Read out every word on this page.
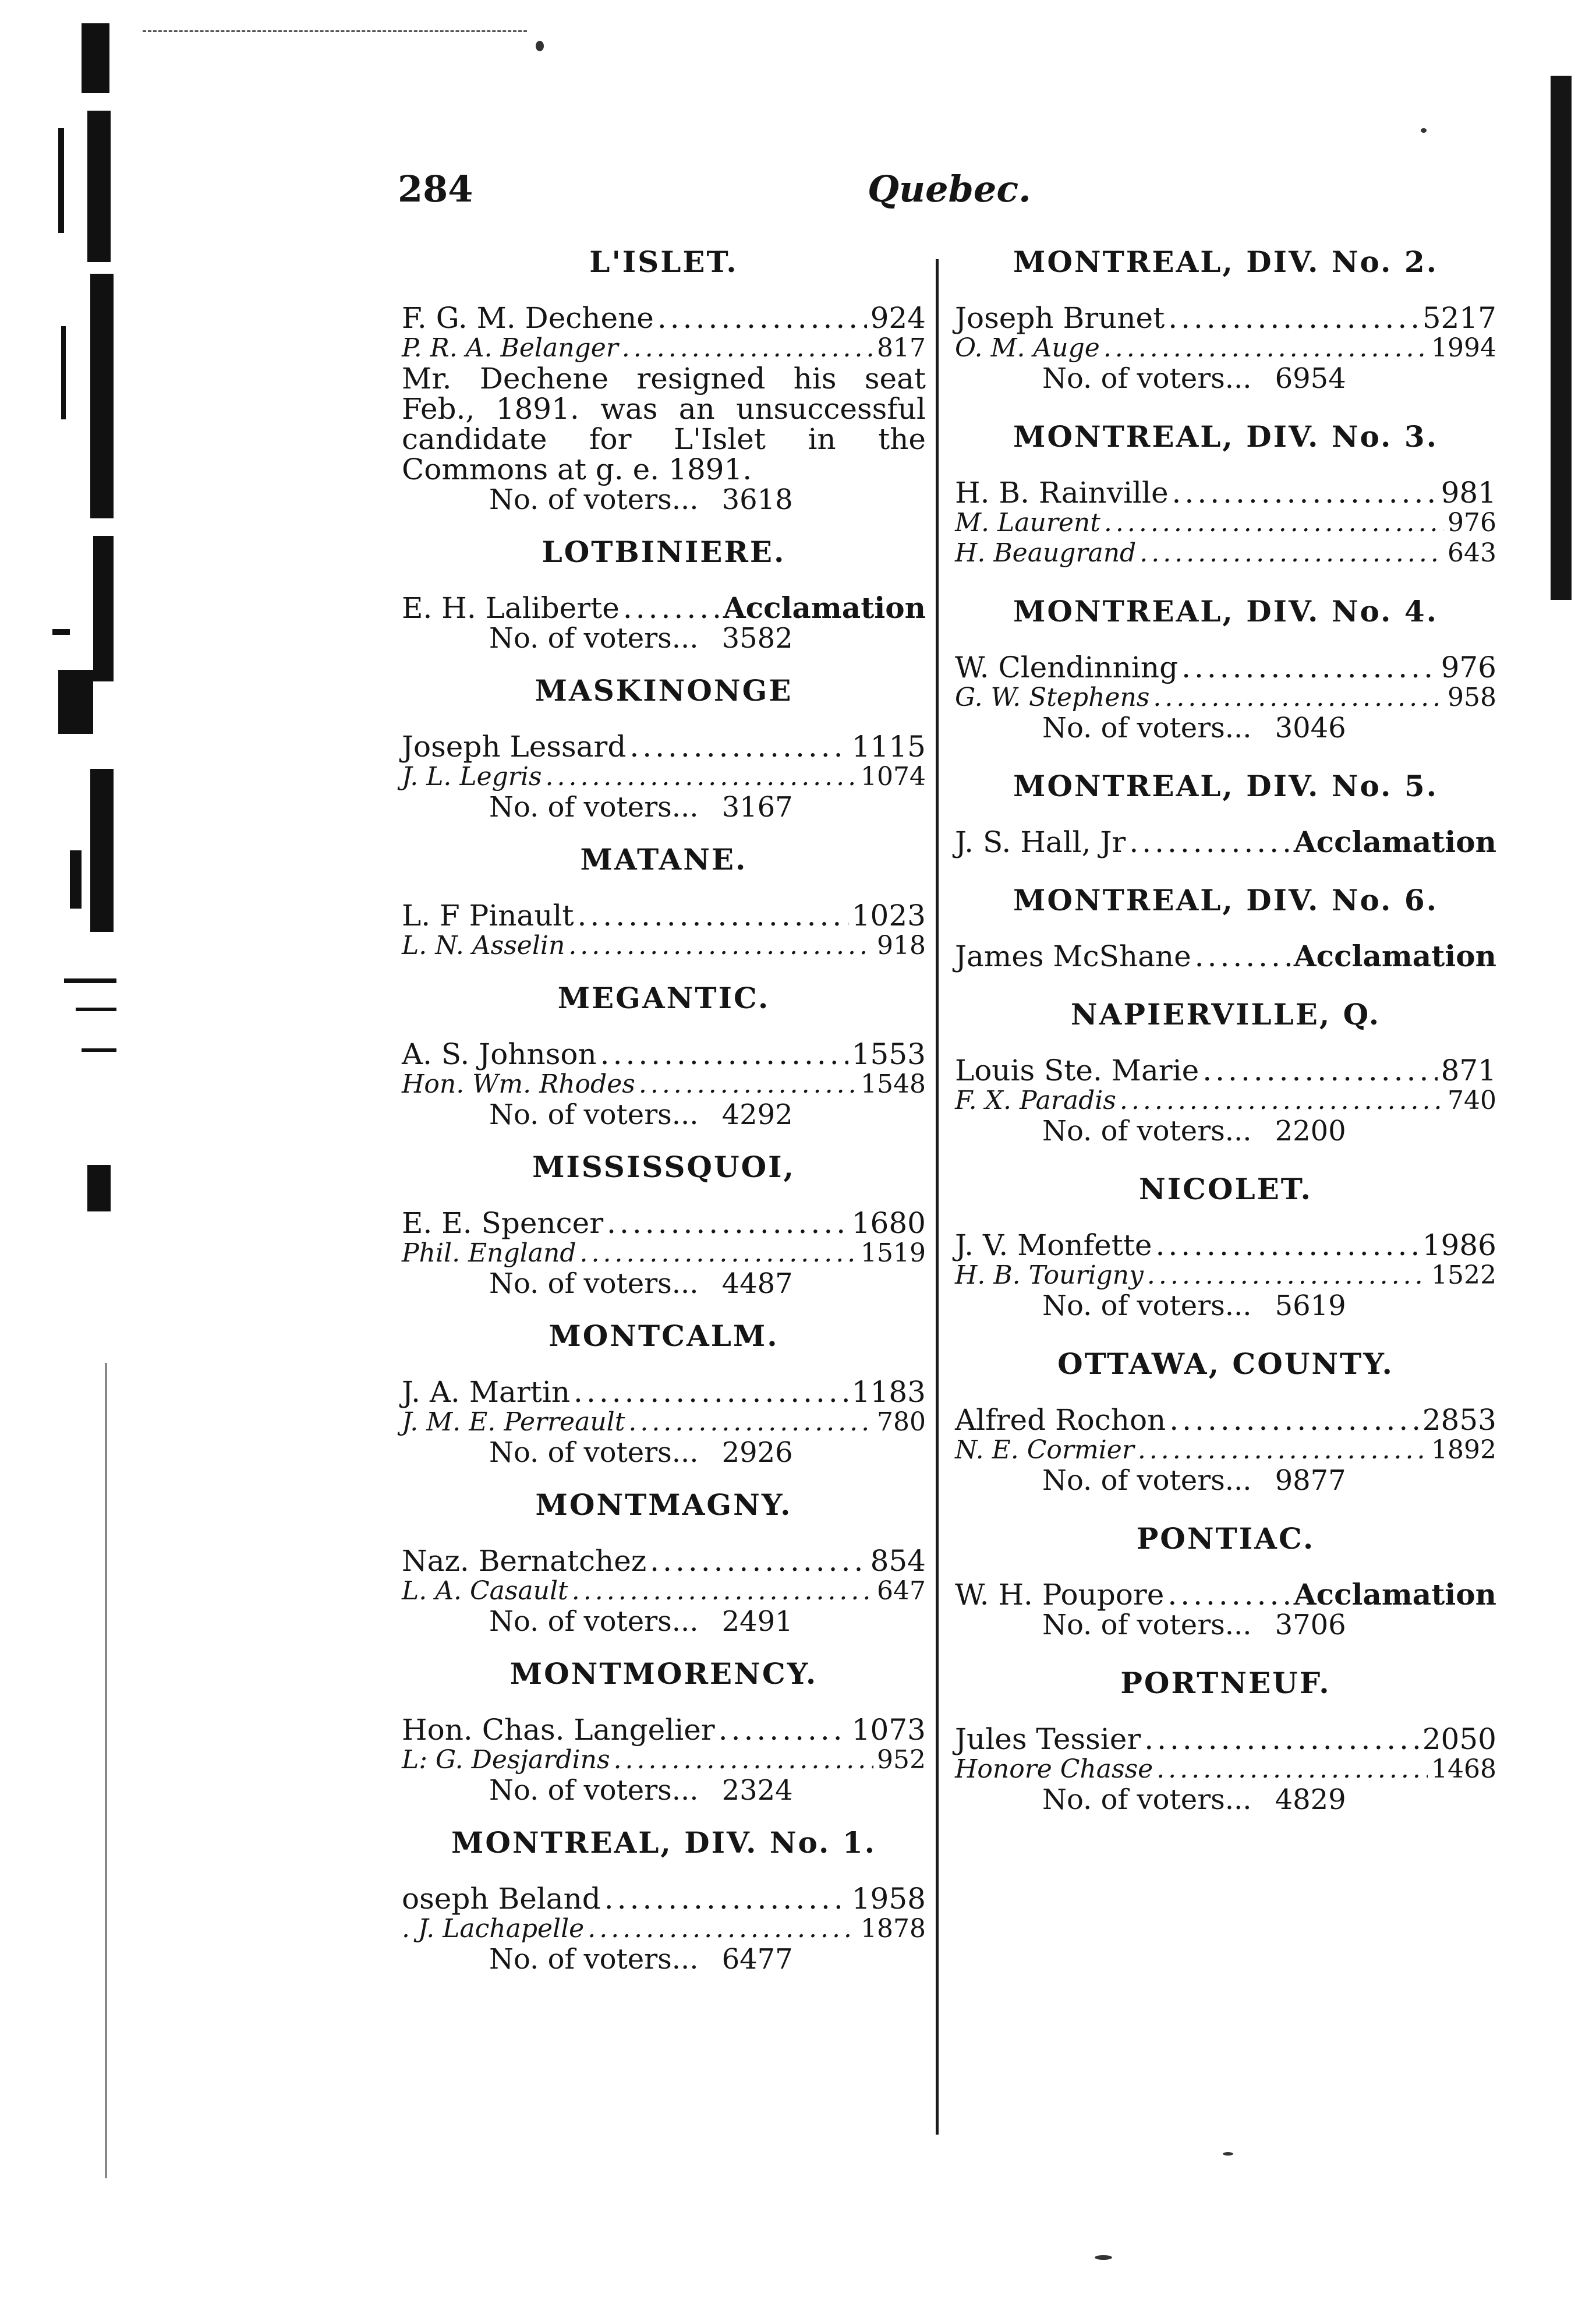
284	Quebec.
L'ISLET.
F. G. M. Dechene .....	924
P. R. A. Belanger .....	817
Mr. Dechene resigned his seat Feb., 1891. was an unsuccessful candidate for L'Islet in the Commons at g. e. 1891.
No. of voters... 3618
LOTBINIERE.
E. H. Laliberte .....	Acclamation
No. of voters... 3582
MASKINONGE
Joseph Lessard .....	1115
J. L. Legris .....	1074
No. of voters... 3167
MATANE.
L. F Pinault .....	1023
L. N. Asselin .....	918
MEGANTIC.
A. S. Johnson .....	1553
Hon. Wm. Rhodes .....	1548
No. of voters... 4292
MISSISSQUOI,
E. E. Spencer .....	1680
Phil. England .....	1519
No. of voters... 4487
MONTCALM.
J. A. Martin .....	1183
J. M. E. Perreault .....	780
No. of voters... 2926
MONTMAGNY.
Naz. Bernatchez .....	854
L. A. Casault .....	647
No. of voters... 2491
MONTMORENCY.
Hon. Chas. Langelier .....	1073
L: G. Desjardins .....	952
No. of voters... 2324
MONTREAL, DIV. No. 1.
oseph Beland .....	1958
. J. Lachapelle .....	1878
No. of voters... 6477
MONTREAL, DIV. No. 2.
Joseph Brunet .....	5217
O. M. Auge .....	1994
No. of voters... 6954
MONTREAL, DIV. No. 3.
H. B. Rainville .....	981
M. Laurent .....	976
H. Beaugrand .....	643
MONTREAL, DIV. No. 4.
W. Clendinning .....	976
G. W. Stephens .....	958
No. of voters... 3046
MONTREAL, DIV. No. 5.
J. S. Hall, Jr .....	Acclamation
MONTREAL, DIV. No. 6.
James McShane .....	Acclamation
NAPIERVILLE, Q.
Louis Ste. Marie .....	871
F. X. Paradis .....	740
No. of voters... 2200
NICOLET.
J. V. Monfette .....	1986
H. B. Tourigny .....	1522
No. of voters... 5619
OTTAWA, COUNTY.
Alfred Rochon .....	2853
N. E. Cormier .....	1892
No. of voters... 9877
PONTIAC.
W. H. Poupore .....	Acclamation
No. of voters... 3706
PORTNEUF.
Jules Tessier .....	2050
Honore Chasse .....	1468
No. of voters... 4829
